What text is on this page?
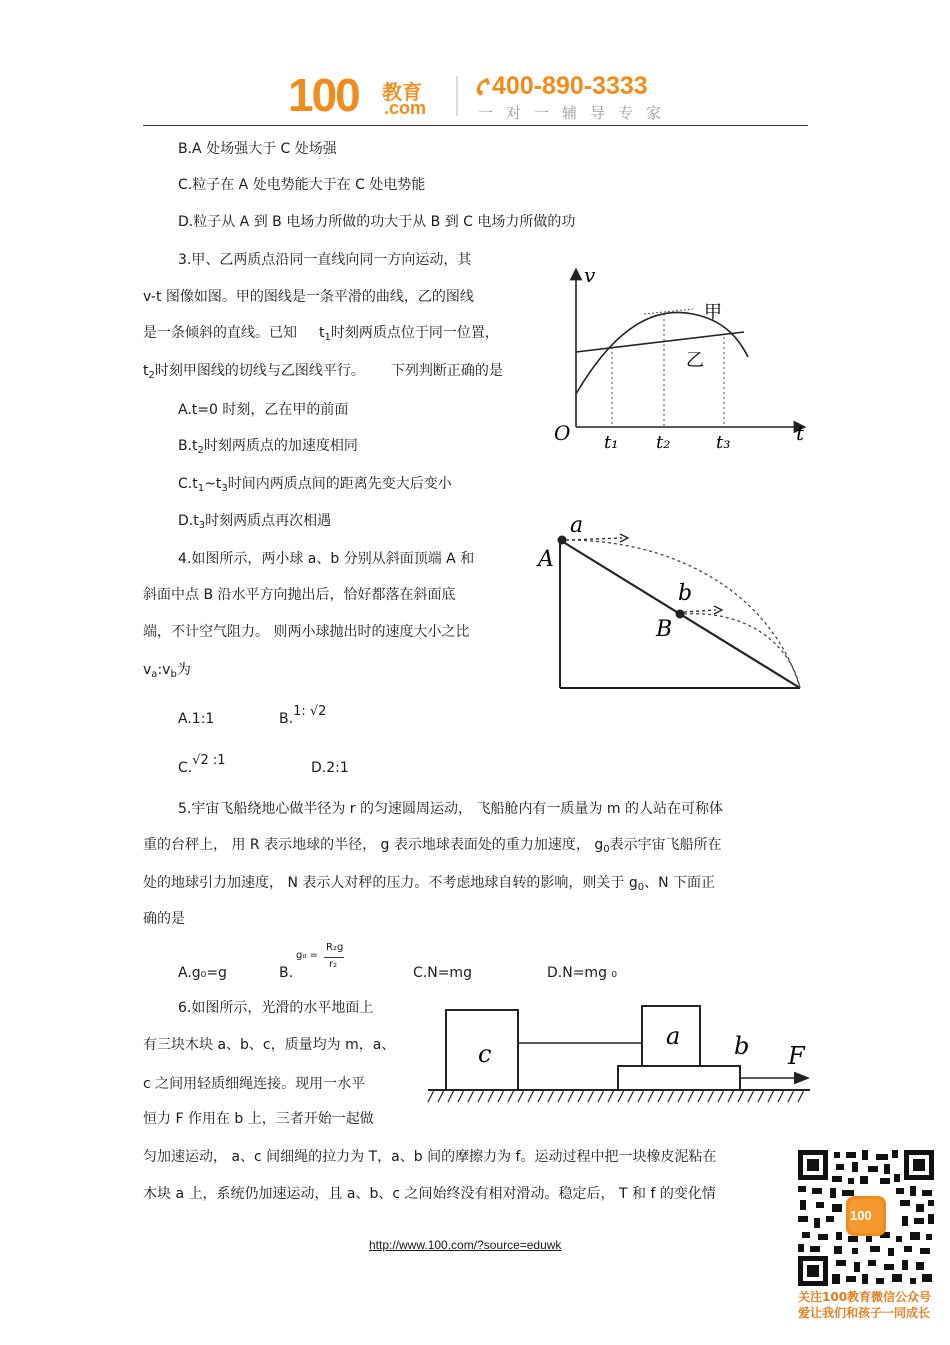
100 教育
.com
400-890-3333
一对一辅导专家
B.A 处场强大于 C 处场强
C.粒子在 A 处电势能大于在 C 处电势能
D.粒子从 A 到 B 电场力所做的功大于从 B 到 C 电场力所做的功
3.甲、乙两质点沿同一直线向同一方向运动，其
v-t 图像如图。甲的图线是一条平滑的曲线，乙的图线
是一条倾斜的直线。已知 $t_1$时刻两质点位于同一位置，
$t_2$时刻甲图线的切线与乙图线平行。 下列判断正确的是
A.t=0 时刻，乙在甲的前面
$B.t_2$时刻两质点的加速度相同
$C.t_1\sim t_3$时间内两质点间的距离先变大后变小
$D.t_3$时刻两质点再次相遇
v
t
O
甲
乙
t₁ t₂	t₃
4.如图所示，两小球 a、b 分别从斜面顶端 A 和
斜面中点 B 沿水平方向抛出后，恰好都落在斜面底
端，不计空气阻力。 则两小球抛出时的速度大小之比
$v_a:v_b$为
A.1:1	B.1: √2
C.√2 :1	D.2:1
A
B
a
b
5.宇宙飞船绕地心做半径为 r 的匀速圆周运动， 飞船舱内有一质量为 m 的人站在可称体
重的台秤上， 用 R 表示地球的半径， g 表示地球表面处的重力加速度， $g_0$表示宇宙飞船所在
处的地球引力加速度， N 表示人对秤的压力。不考虑地球自转的影响，则关于 $g_0$、N 下面正
确的是
A.g₀=g	B.
g₀ =
R₂g
r₂
C.N=mg	D.N=mg ₀
6.如图所示，光滑的水平地面上
有三块木块 a、b、c，质量均为 m，a、
c 之间用轻质细绳连接。现用一水平
恒力 F 作用在 b 上，三者开始一起做
匀加速运动， a、c 间细绳的拉力为 T，a、b 间的摩擦力为 f。运动过程中把一块橡皮泥粘在
木块 a 上，系统仍加速运动，且 a、b、c 之间始终没有相对滑动。稳定后， T 和 f 的变化情
c
a b F
http://www.100.com/?source=eduwk
100
关注100教育微信公众号
爱让我们和孩子一同成长
